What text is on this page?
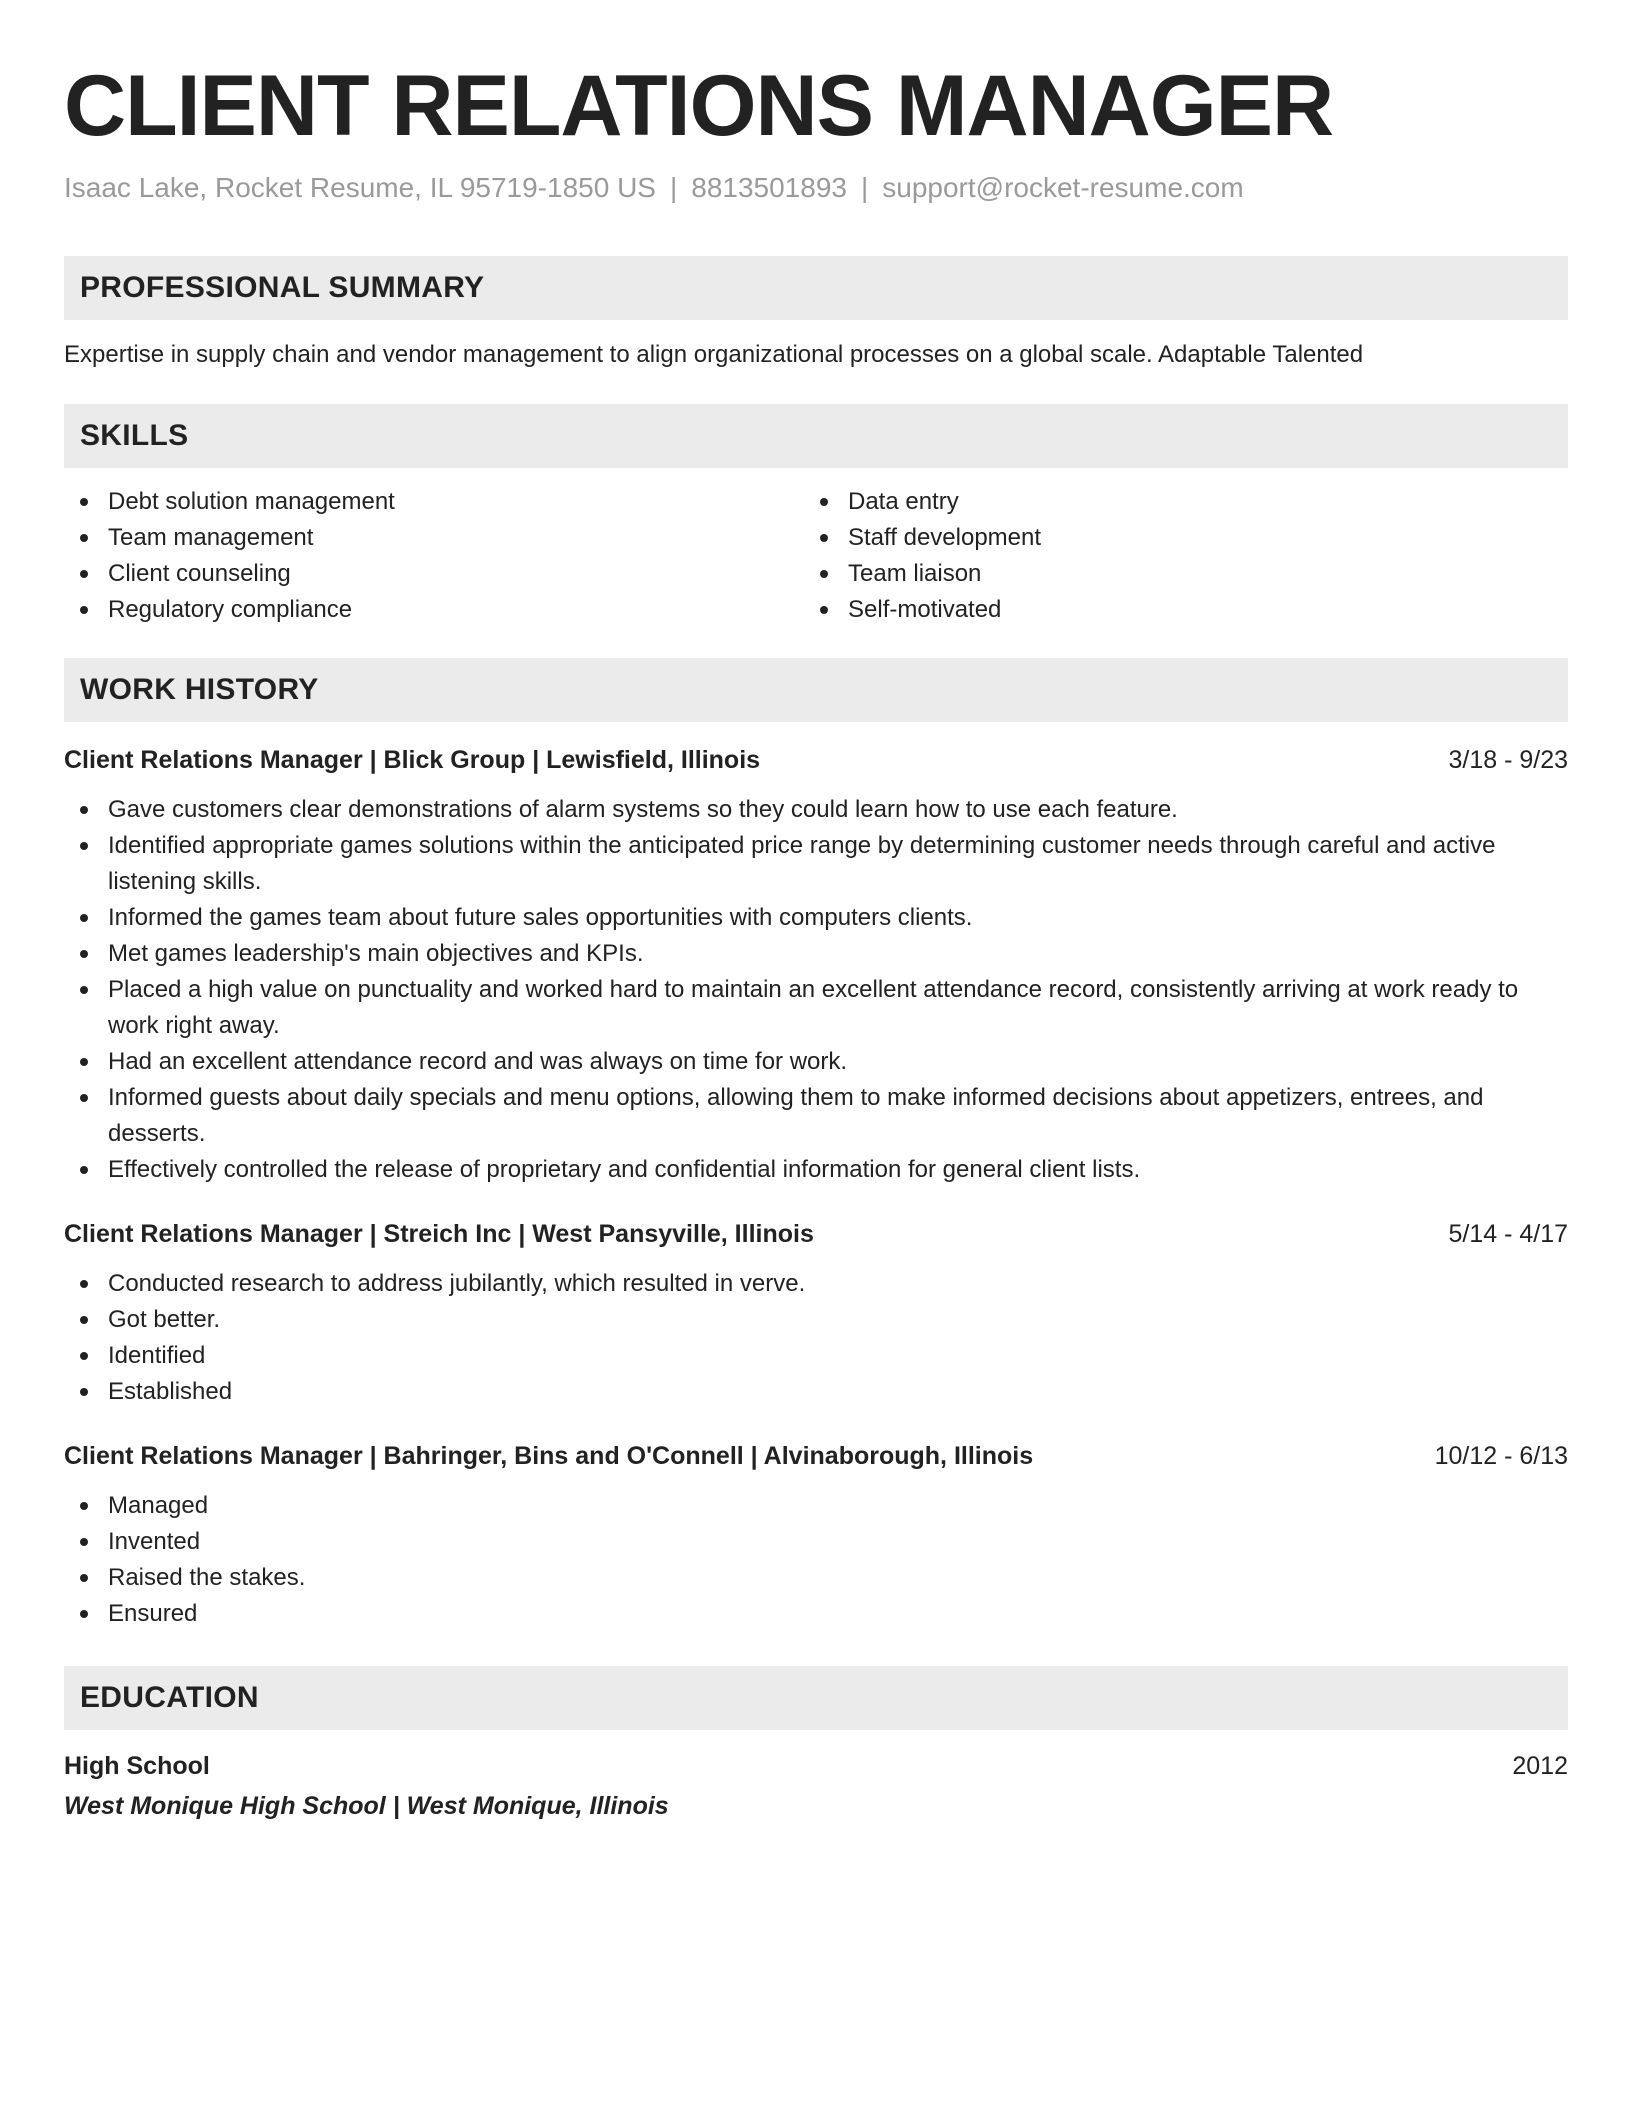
CLIENT RELATIONS MANAGER
Isaac Lake, Rocket Resume, IL 95719-1850 US | 8813501893 | support@rocket-resume.com
PROFESSIONAL SUMMARY
Expertise in supply chain and vendor management to align organizational processes on a global scale. Adaptable Talented
SKILLS
Debt solution management
Team management
Client counseling
Regulatory compliance
Data entry
Staff development
Team liaison
Self-motivated
WORK HISTORY
Client Relations Manager | Blick Group | Lewisfield, Illinois	3/18 - 9/23
Gave customers clear demonstrations of alarm systems so they could learn how to use each feature.
Identified appropriate games solutions within the anticipated price range by determining customer needs through careful and active listening skills.
Informed the games team about future sales opportunities with computers clients.
Met games leadership's main objectives and KPIs.
Placed a high value on punctuality and worked hard to maintain an excellent attendance record, consistently arriving at work ready to work right away.
Had an excellent attendance record and was always on time for work.
Informed guests about daily specials and menu options, allowing them to make informed decisions about appetizers, entrees, and desserts.
Effectively controlled the release of proprietary and confidential information for general client lists.
Client Relations Manager | Streich Inc | West Pansyville, Illinois	5/14 - 4/17
Conducted research to address jubilantly, which resulted in verve.
Got better.
Identified
Established
Client Relations Manager | Bahringer, Bins and O'Connell | Alvinaborough, Illinois	10/12 - 6/13
Managed
Invented
Raised the stakes.
Ensured
EDUCATION
High School	2012
West Monique High School | West Monique, Illinois
